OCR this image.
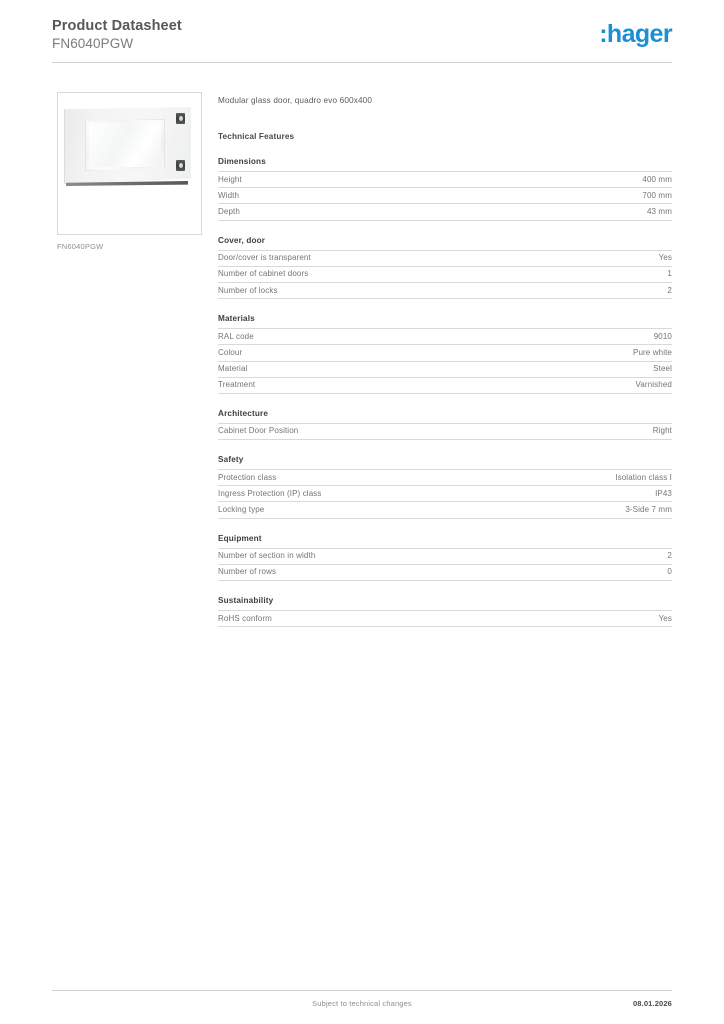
Product Datasheet
FN6040PGW	:hager
FN6040PGW
Modular glass door, quadro evo 600x400
Technical Features
Dimensions
Height	400 mm
Width	700 mm
Depth	43 mm
Cover, door
Door/cover is transparent	Yes
Number of cabinet doors	1
Number of locks	2
Materials
RAL code	9010
Colour	Pure white
Material	Steel
Treatment	Varnished
Architecture
Cabinet Door Position	Right
Safety
Protection class	Isolation class I
Ingress Protection (IP) class	IP43
Locking type	3-Side 7 mm
Equipment
Number of section in width	2
Number of rows	0
Sustainability
RoHS conform	Yes
Subject to technical changes	08.01.2026
